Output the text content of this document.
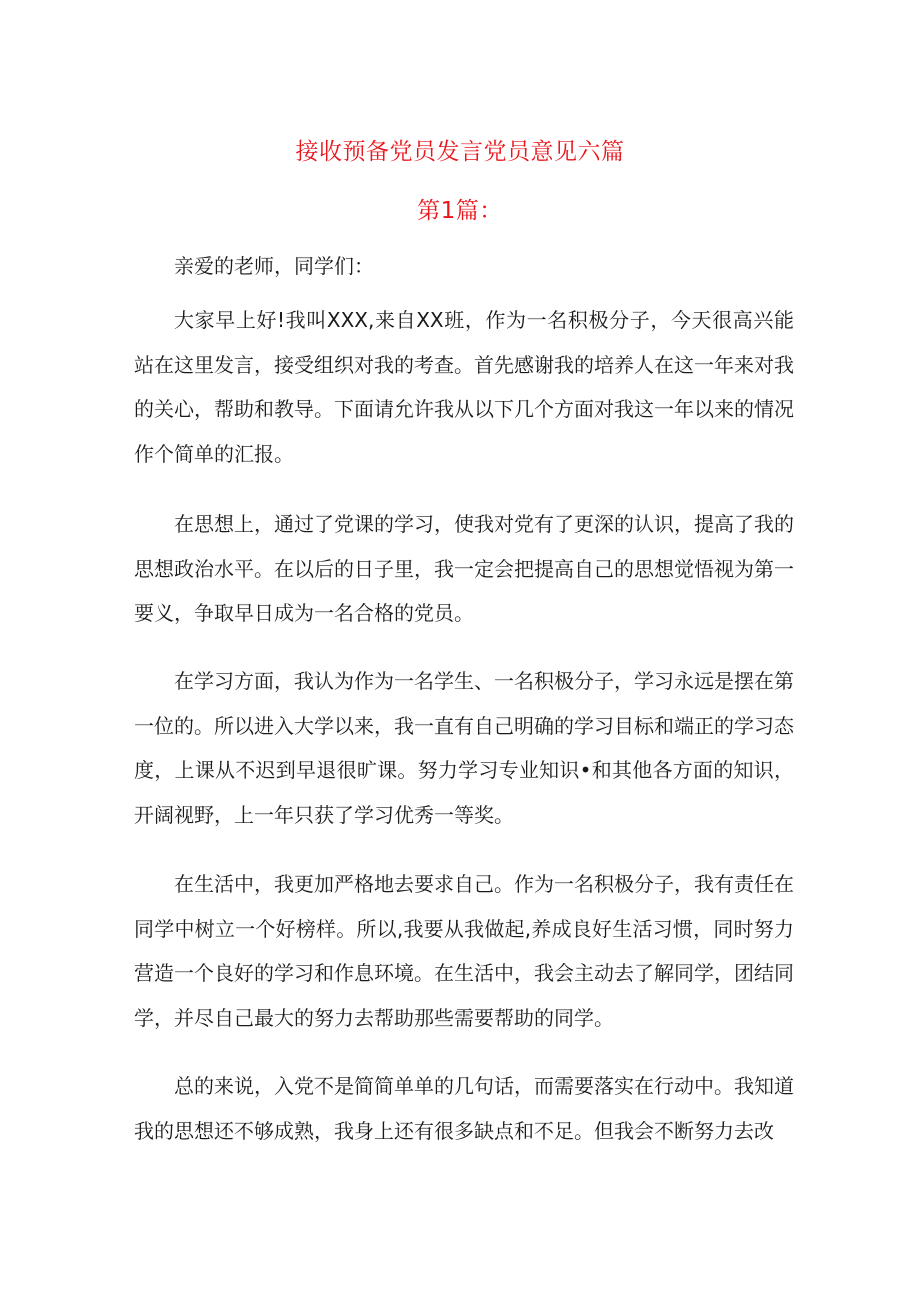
接收预备党员发言党员意见六篇
第1篇：

亲爱的老师，同学们：

大家早上好!我叫XXX,来自XX班，作为一名积极分子，今天很高兴能站在这里发言，接受组织对我的考查。首先感谢我的培养人在这一年来对我的关心，帮助和教导。下面请允许我从以下几个方面对我这一年以来的情况作个简单的汇报。

在思想上，通过了党课的学习，使我对党有了更深的认识，提高了我的思想政治水平。在以后的日子里，我一定会把提高自己的思想觉悟视为第一要义，争取早日成为一名合格的党员。

在学习方面，我认为作为一名学生、一名积极分子，学习永远是摆在第一位的。所以进入大学以来，我一直有自己明确的学习目标和端正的学习态度，上课从不迟到早退很旷课。努力学习专业知识•和其他各方面的知识，开阔视野，上一年只获了学习优秀一等奖。

在生活中，我更加严格地去要求自己。作为一名积极分子，我有责任在同学中树立一个好榜样。所以,我要从我做起,养成良好生活习惯，同时努力营造一个良好的学习和作息环境。在生活中，我会主动去了解同学，团结同学，并尽自己最大的努力去帮助那些需要帮助的同学。

总的来说，入党不是简简单单的几句话，而需要落实在行动中。我知道我的思想还不够成熟，我身上还有很多缺点和不足。但我会不断努力去改
